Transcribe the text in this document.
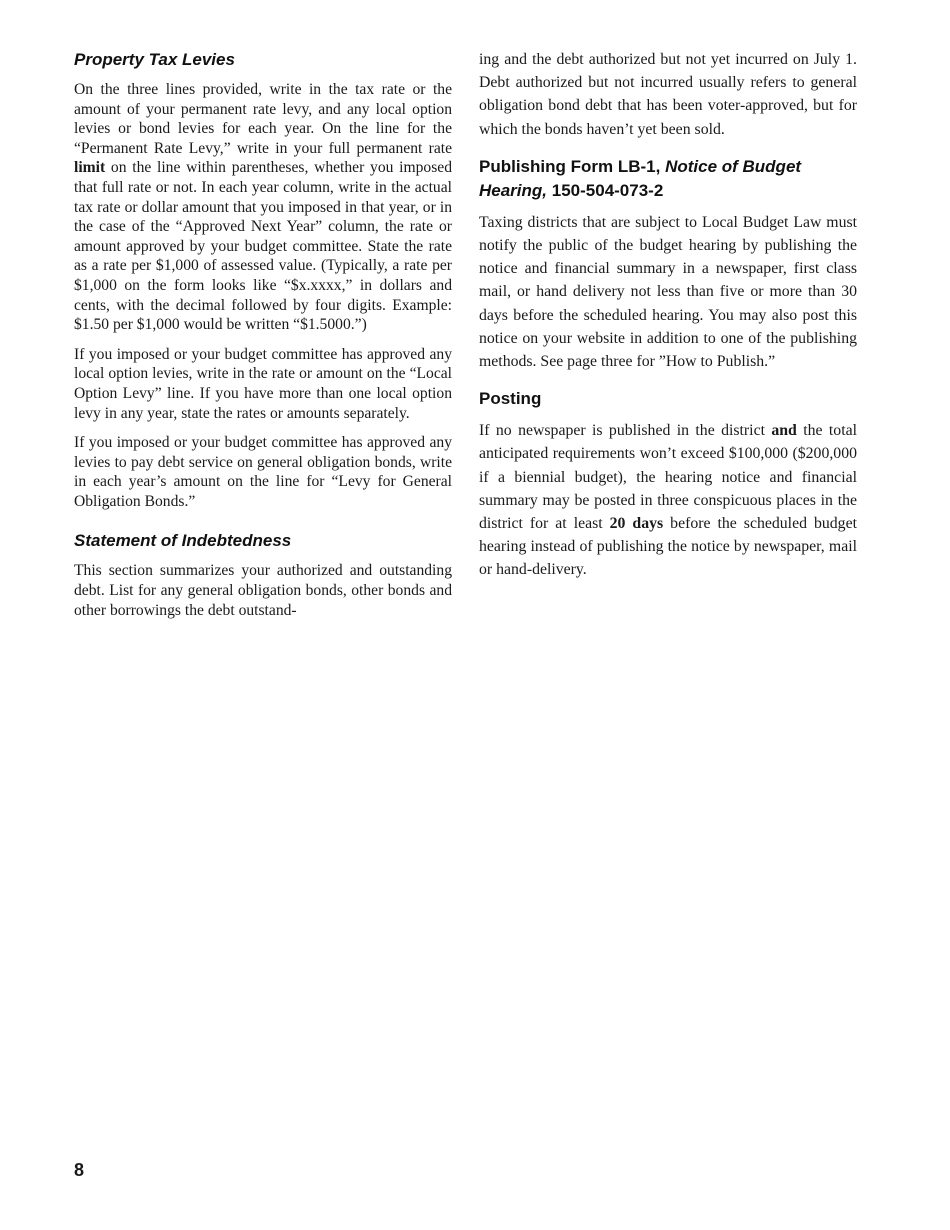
Property Tax Levies

On the three lines provided, write in the tax rate or the amount of your permanent rate levy, and any local option levies or bond levies for each year. On the line for the “Permanent Rate Levy,” write in your full permanent rate limit on the line within parentheses, whether you imposed that full rate or not. In each year column, write in the actual tax rate or dollar amount that you imposed in that year, or in the case of the “Approved Next Year” column, the rate or amount approved by your budget committee. State the rate as a rate per $1,000 of assessed value. (Typically, a rate per $1,000 on the form looks like “$x.xxxx,” in dollars and cents, with the decimal followed by four digits. Example: $1.50 per $1,000 would be written “$1.5000.”)

If you imposed or your budget committee has approved any local option levies, write in the rate or amount on the “Local Option Levy” line. If you have more than one local option levy in any year, state the rates or amounts separately.

If you imposed or your budget committee has approved any levies to pay debt service on general obligation bonds, write in each year’s amount on the line for “Levy for General Obligation Bonds.”

Statement of Indebtedness

This section summarizes your authorized and outstanding debt. List for any general obligation bonds, other bonds and other borrowings the debt outstand-

ing and the debt authorized but not yet incurred on July 1. Debt authorized but not incurred usually refers to general obligation bond debt that has been voter-approved, but for which the bonds haven’t yet been sold.

Publishing Form LB-1, Notice of Budget Hearing, 150-504-073-2

Taxing districts that are subject to Local Budget Law must notify the public of the budget hearing by publishing the notice and financial summary in a newspaper, first class mail, or hand delivery not less than five or more than 30 days before the scheduled hearing. You may also post this notice on your website in addition to one of the publishing methods. See page three for ”How to Publish.”

Posting

If no newspaper is published in the district and the total anticipated requirements won’t exceed $100,000 ($200,000 if a biennial budget), the hearing notice and financial summary may be posted in three conspicuous places in the district for at least 20 days before the scheduled budget hearing instead of publishing the notice by newspaper, mail or hand-delivery.

8
